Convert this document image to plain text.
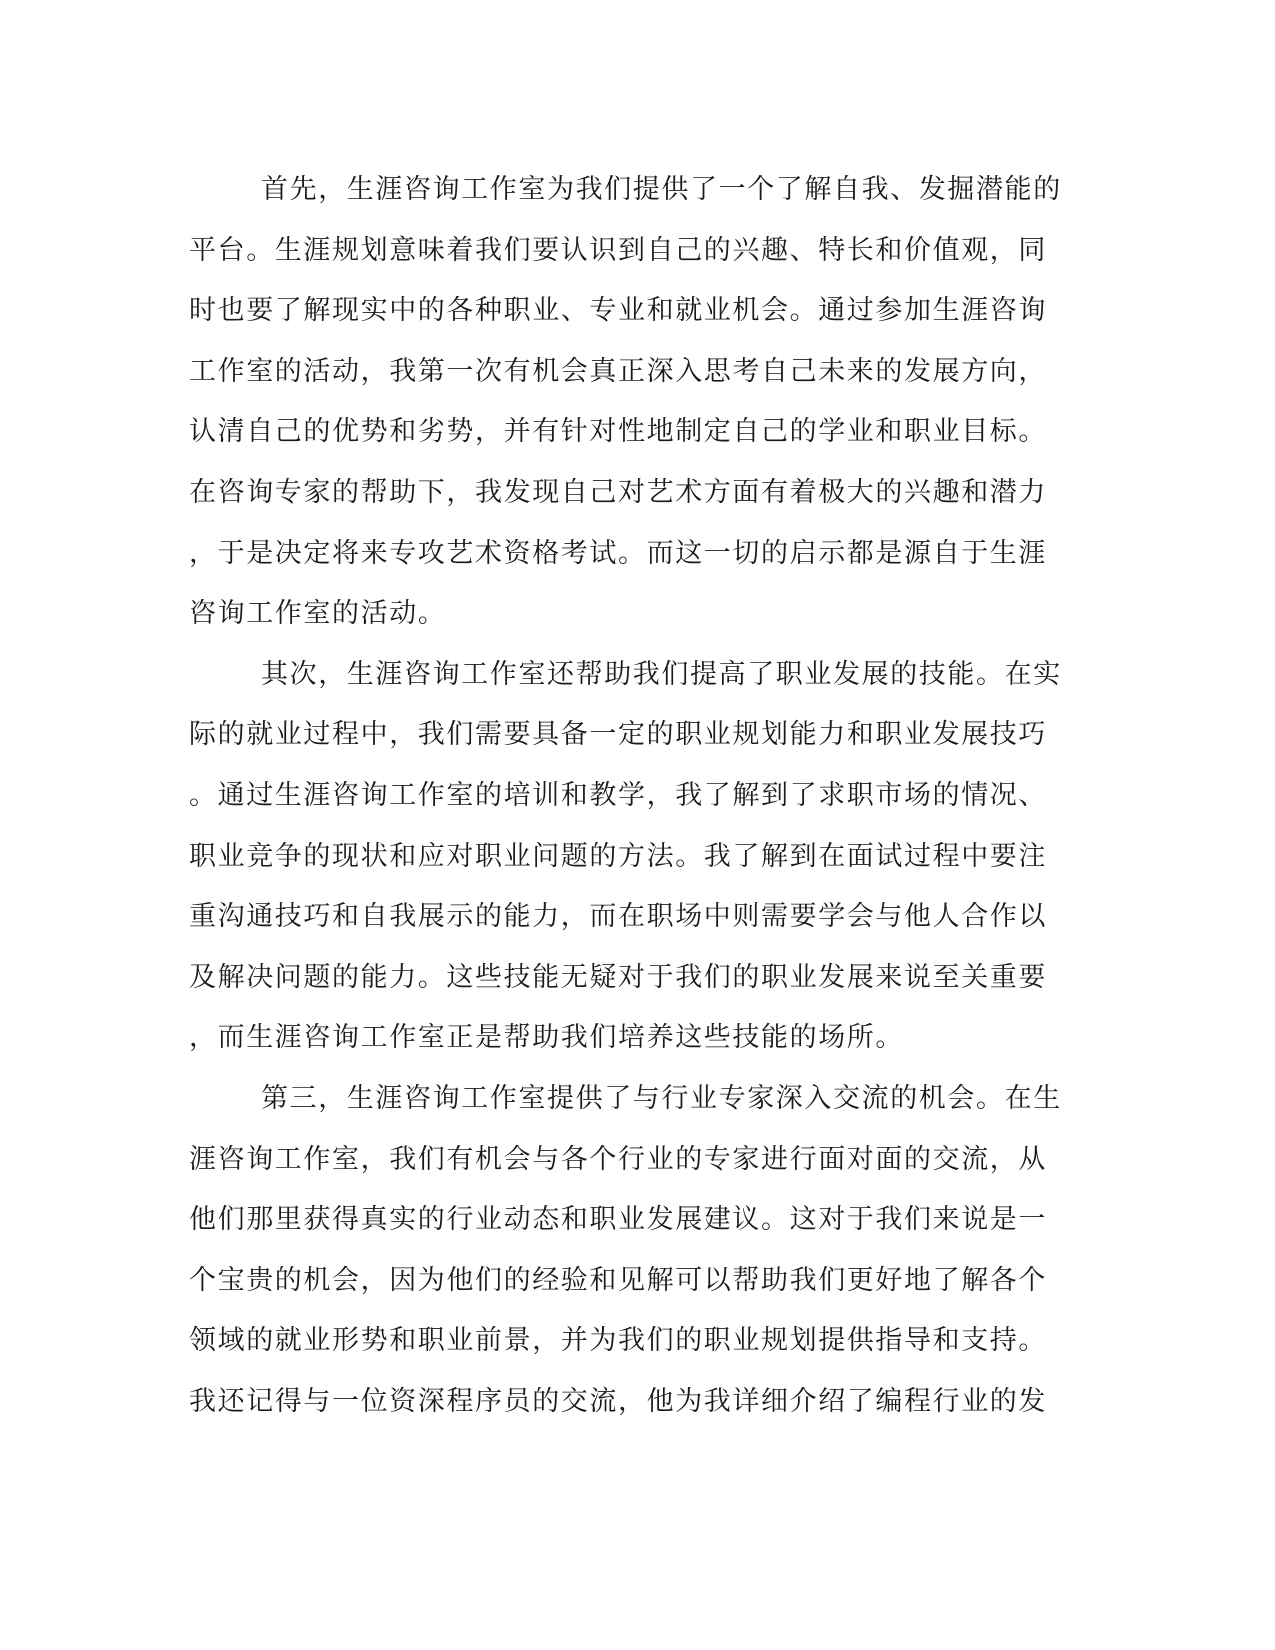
首先，生涯咨询工作室为我们提供了一个了解自我、发掘潜能的
平台。生涯规划意味着我们要认识到自己的兴趣、特长和价值观，同
时也要了解现实中的各种职业、专业和就业机会。通过参加生涯咨询
工作室的活动，我第一次有机会真正深入思考自己未来的发展方向，
认清自己的优势和劣势，并有针对性地制定自己的学业和职业目标。
在咨询专家的帮助下，我发现自己对艺术方面有着极大的兴趣和潜力
，于是决定将来专攻艺术资格考试。而这一切的启示都是源自于生涯
咨询工作室的活动。
其次，生涯咨询工作室还帮助我们提高了职业发展的技能。在实
际的就业过程中，我们需要具备一定的职业规划能力和职业发展技巧
。通过生涯咨询工作室的培训和教学，我了解到了求职市场的情况、
职业竞争的现状和应对职业问题的方法。我了解到在面试过程中要注
重沟通技巧和自我展示的能力，而在职场中则需要学会与他人合作以
及解决问题的能力。这些技能无疑对于我们的职业发展来说至关重要
，而生涯咨询工作室正是帮助我们培养这些技能的场所。
第三，生涯咨询工作室提供了与行业专家深入交流的机会。在生
涯咨询工作室，我们有机会与各个行业的专家进行面对面的交流，从
他们那里获得真实的行业动态和职业发展建议。这对于我们来说是一
个宝贵的机会，因为他们的经验和见解可以帮助我们更好地了解各个
领域的就业形势和职业前景，并为我们的职业规划提供指导和支持。
我还记得与一位资深程序员的交流，他为我详细介绍了编程行业的发
